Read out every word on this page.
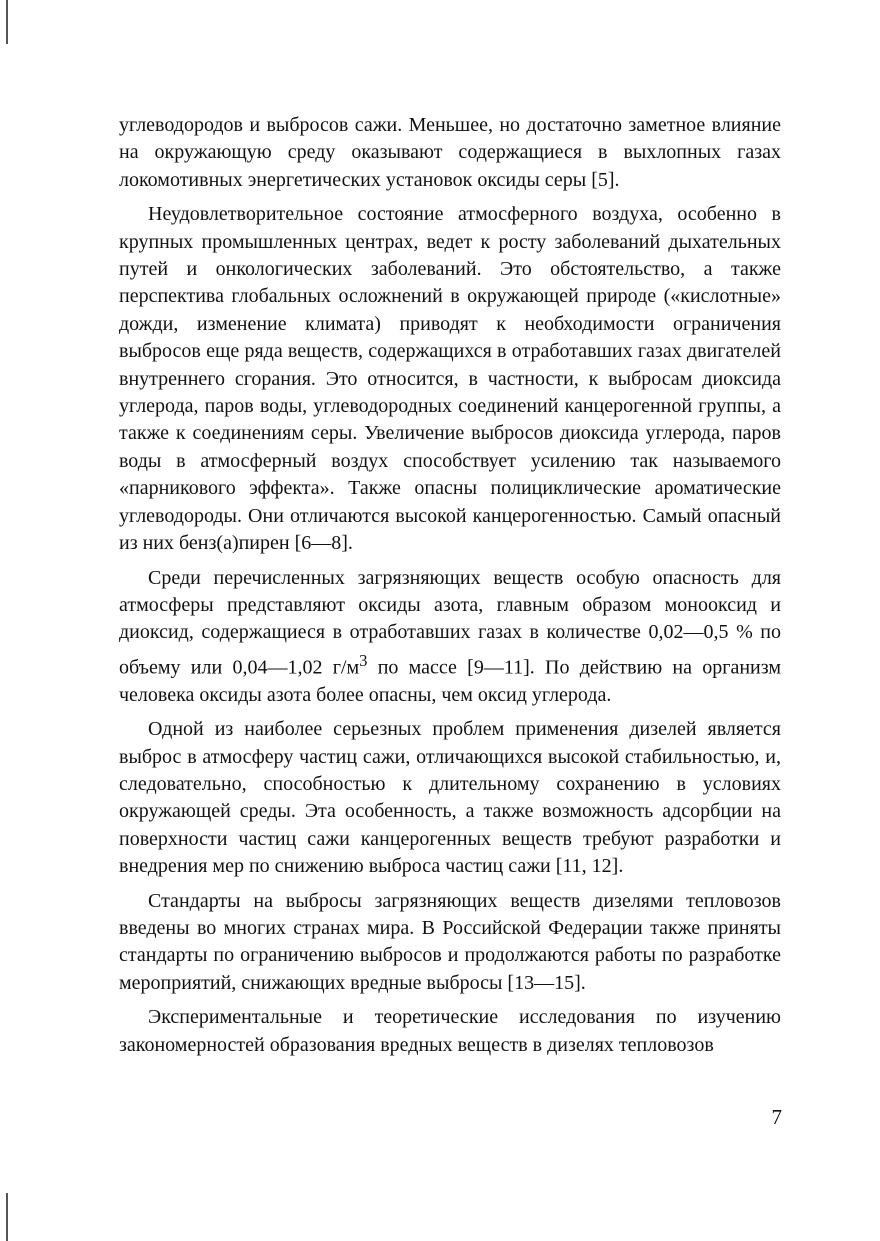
углеводородов и выбросов сажи. Меньшее, но достаточно заметное влияние на окружающую среду оказывают содержащиеся в выхлопных газах локомотивных энергетических установок оксиды серы [5].

Неудовлетворительное состояние атмосферного воздуха, особенно в крупных промышленных центрах, ведет к росту заболеваний дыхательных путей и онкологических заболеваний. Это обстоятельство, а также перспектива глобальных осложнений в окружающей природе («кислотные» дожди, изменение климата) приводят к необходимости ограничения выбросов еще ряда веществ, содержащихся в отработавших газах двигателей внутреннего сгорания. Это относится, в частности, к выбросам диоксида углерода, паров воды, углеводородных соединений канцерогенной группы, а также к соединениям серы. Увеличение выбросов диоксида углерода, паров воды в атмосферный воздух способствует усилению так называемого «парникового эффекта». Также опасны полициклические ароматические углеводороды. Они отличаются высокой канцерогенностью. Самый опасный из них бенз(а)пирен [6—8].

Среди перечисленных загрязняющих веществ особую опасность для атмосферы представляют оксиды азота, главным образом монооксид и диоксид, содержащиеся в отработавших газах в количестве 0,02—0,5 % по объему или 0,04—1,02 $г/м^3$ по массе [9—11]. По действию на организм человека оксиды азота более опасны, чем оксид углерода.

Одной из наиболее серьезных проблем применения дизелей является выброс в атмосферу частиц сажи, отличающихся высокой стабильностью, и, следовательно, способностью к длительному сохранению в условиях окружающей среды. Эта особенность, а также возможность адсорбции на поверхности частиц сажи канцерогенных веществ требуют разработки и внедрения мер по снижению выброса частиц сажи [11, 12].

Стандарты на выбросы загрязняющих веществ дизелями тепловозов введены во многих странах мира. В Российской Федерации также приняты стандарты по ограничению выбросов и продолжаются работы по разработке мероприятий, снижающих вредные выбросы [13—15].

Экспериментальные и теоретические исследования по изучению закономерностей образования вредных веществ в дизелях тепловозов

7
